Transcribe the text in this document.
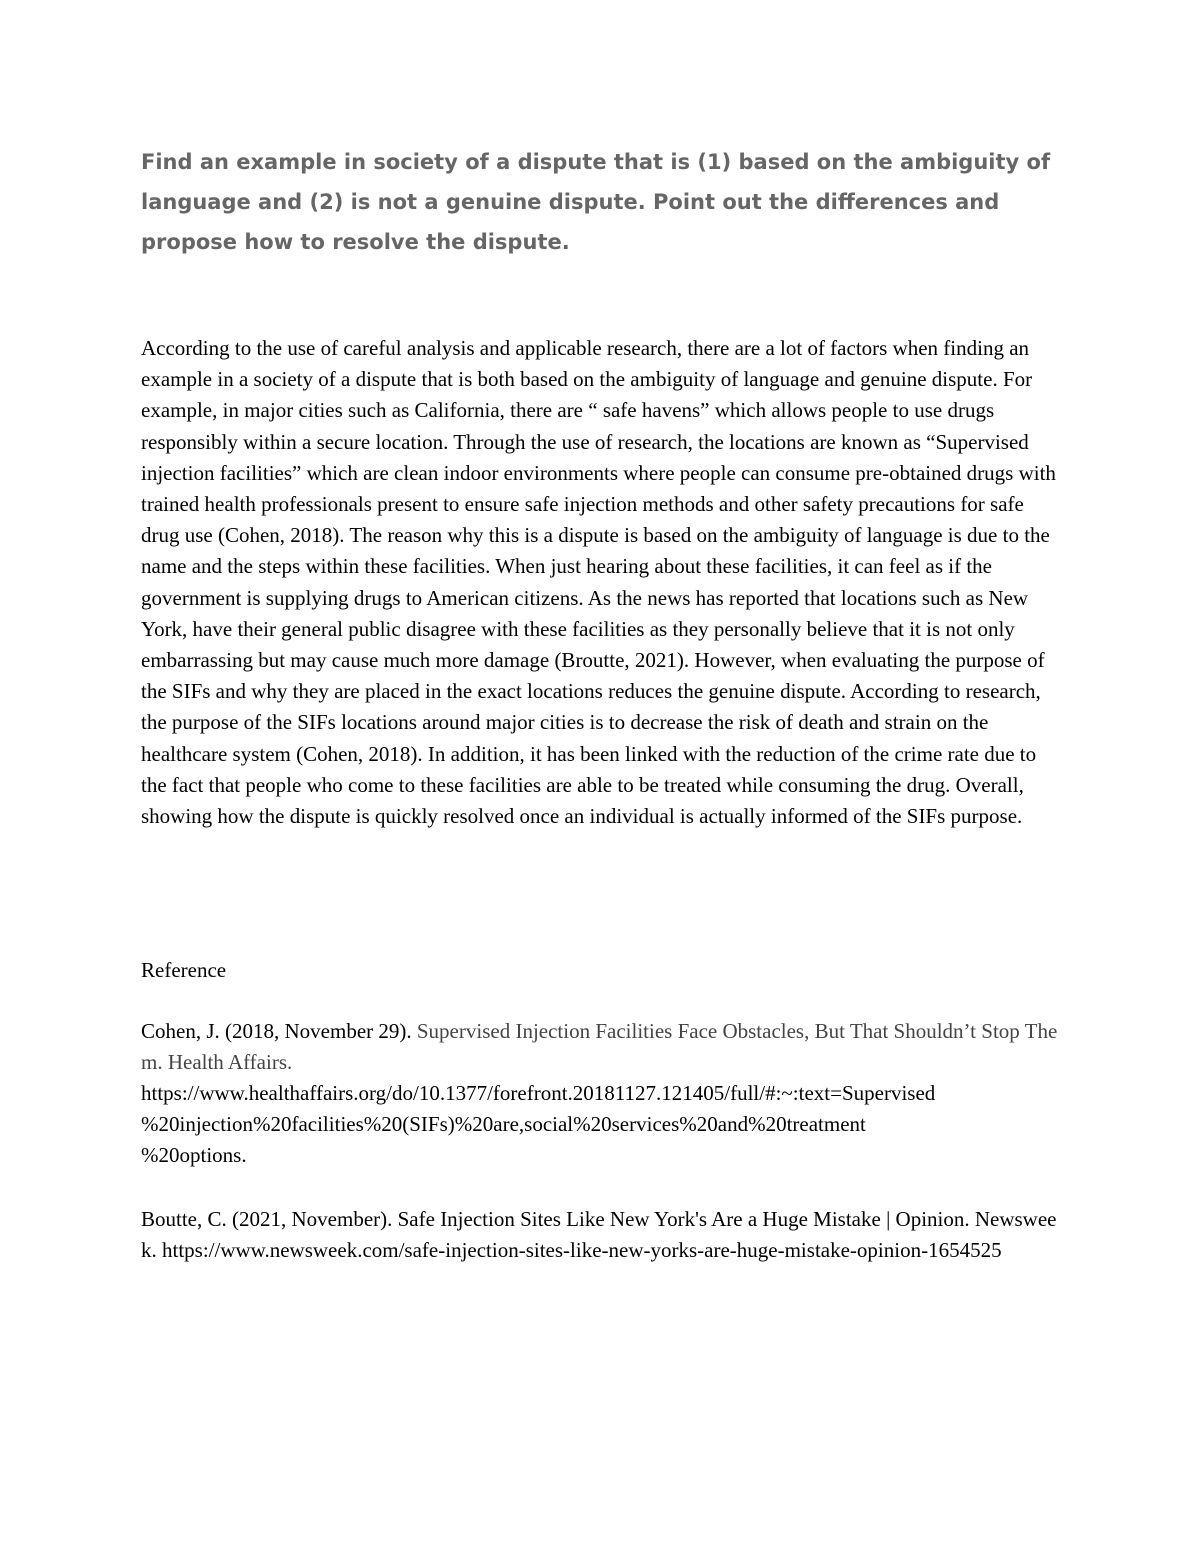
Find an example in society of a dispute that is (1) based on the ambiguity of language and (2) is not a genuine dispute. Point out the differences and propose how to resolve the dispute.

According to the use of careful analysis and applicable research, there are a lot of factors when finding an example in a society of a dispute that is both based on the ambiguity of language and genuine dispute. For example, in major cities such as California, there are “ safe havens” which allows people to use drugs responsibly within a secure location. Through the use of research, the locations are known as “Supervised injection facilities” which are clean indoor environments where people can consume pre-obtained drugs with trained health professionals present to ensure safe injection methods and other safety precautions for safe drug use (Cohen, 2018). The reason why this is a dispute is based on the ambiguity of language is due to the name and the steps within these facilities. When just hearing about these facilities, it can feel as if the government is supplying drugs to American citizens. As the news has reported that locations such as New York, have their general public disagree with these facilities as they personally believe that it is not only embarrassing but may cause much more damage (Broutte, 2021). However, when evaluating the purpose of the SIFs and why they are placed in the exact locations reduces the genuine dispute. According to research, the purpose of the SIFs locations around major cities is to decrease the risk of death and strain on the healthcare system (Cohen, 2018). In addition, it has been linked with the reduction of the crime rate due to the fact that people who come to these facilities are able to be treated while consuming the drug. Overall, showing how the dispute is quickly resolved once an individual is actually informed of the SIFs purpose.

Reference

Cohen, J. (2018, November 29). Supervised Injection Facilities Face Obstacles, But That Shouldn’t Stop Them. Health Affairs.
https://www.healthaffairs.org/do/10.1377/forefront.20181127.121405/full/#:~:text=Supervised
%20injection%20facilities%20(SIFs)%20are,social%20services%20and%20treatment
%20options.

Boutte, C. (2021, November). Safe Injection Sites Like New York's Are a Huge Mistake | Opinion. Newsweek. https://www.newsweek.com/safe-injection-sites-like-new-yorks-are-huge-mistake-opinion-1654525
